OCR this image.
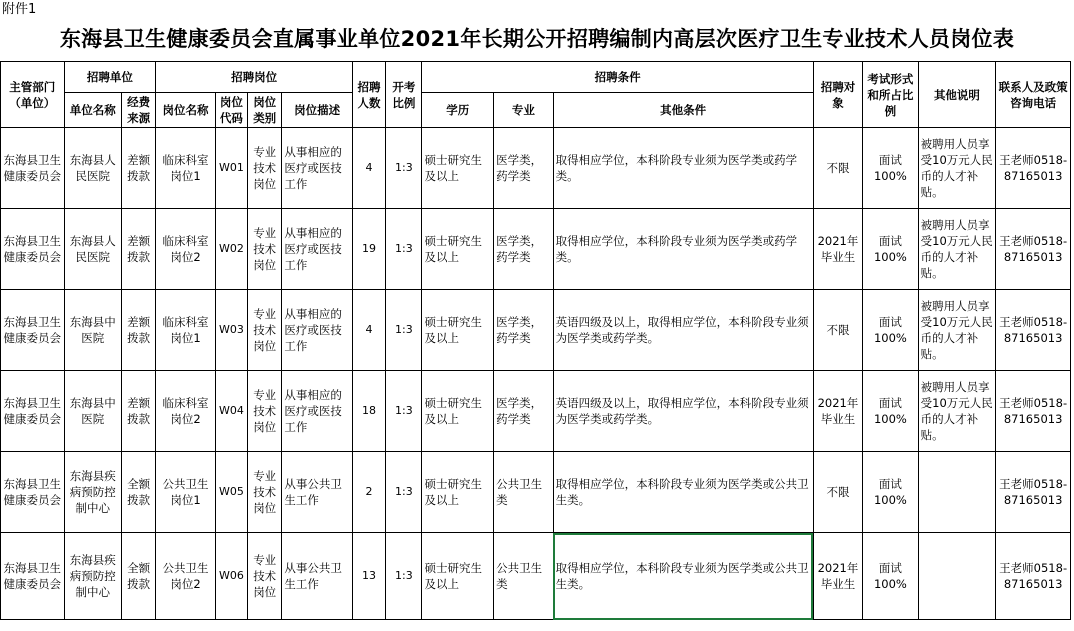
附件1
东海县卫生健康委员会直属事业单位2021年长期公开招聘编制内高层次医疗卫生专业技术人员岗位表
主管部门（单位）	招聘单位		招聘岗位				招聘人数	开考比例	招聘条件			招聘对象	考试形式和所占比例	其他说明	联系人及政策咨询电话
	单位名称	经费来源	岗位名称	岗位代码	岗位类别	岗位描述			学历	专业	其他条件				
东海县卫生健康委员会	东海县人民医院	差额拨款	临床科室岗位1	W01	专业技术岗位	从事相应的医疗或医技工作	4	1:3	硕士研究生及以上	医学类，药学类	取得相应学位，本科阶段专业须为医学类或药学类。	不限	面试100%	被聘用人员享受10万元人民币的人才补贴。	王老师0518-87165013
东海县卫生健康委员会	东海县人民医院	差额拨款	临床科室岗位2	W02	专业技术岗位	从事相应的医疗或医技工作	19	1:3	硕士研究生及以上	医学类，药学类	取得相应学位，本科阶段专业须为医学类或药学类。	2021年毕业生	面试100%	被聘用人员享受10万元人民币的人才补贴。	王老师0518-87165013
东海县卫生健康委员会	东海县中医院	差额拨款	临床科室岗位1	W03	专业技术岗位	从事相应的医疗或医技工作	4	1:3	硕士研究生及以上	医学类，药学类	英语四级及以上，取得相应学位，本科阶段专业须为医学类或药学类。	不限	面试100%	被聘用人员享受10万元人民币的人才补贴。	王老师0518-87165013
东海县卫生健康委员会	东海县中医院	差额拨款	临床科室岗位2	W04	专业技术岗位	从事相应的医疗或医技工作	18	1:3	硕士研究生及以上	医学类，药学类	英语四级及以上，取得相应学位，本科阶段专业须为医学类或药学类。	2021年毕业生	面试100%	被聘用人员享受10万元人民币的人才补贴。	王老师0518-87165013
东海县卫生健康委员会	东海县疾病预防控制中心	全额拨款	公共卫生岗位1	W05	专业技术岗位	从事公共卫生工作	2	1:3	硕士研究生及以上	公共卫生类	取得相应学位，本科阶段专业须为医学类或公共卫生类。	不限	面试100%		王老师0518-87165013
东海县卫生健康委员会	东海县疾病预防控制中心	全额拨款	公共卫生岗位2	W06	专业技术岗位	从事公共卫生工作	13	1:3	硕士研究生及以上	公共卫生类	取得相应学位，本科阶段专业须为医学类或公共卫生类。	2021年毕业生	面试100%		王老师0518-87165013
